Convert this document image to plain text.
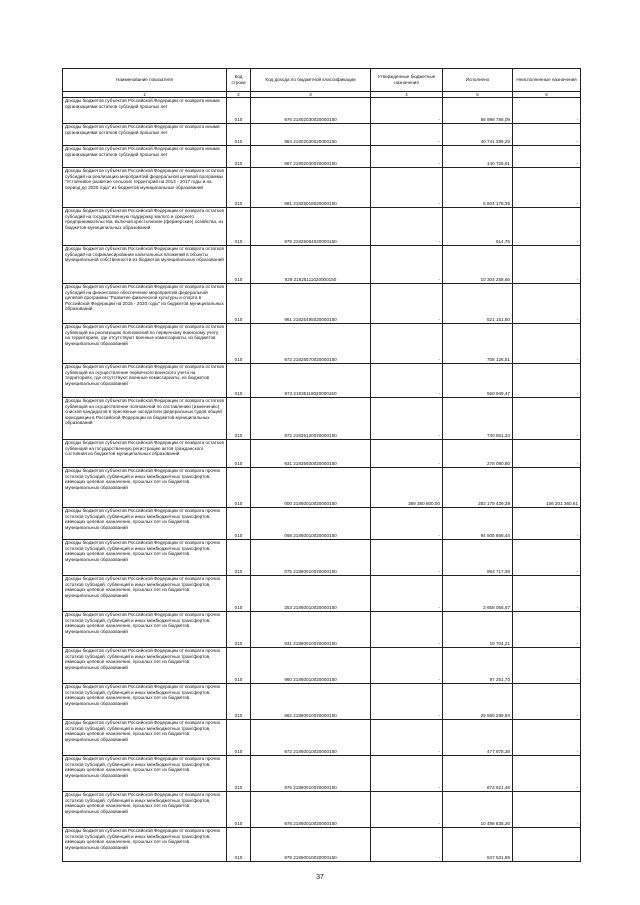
Наименование показателя	Код строки	Код дохода по бюджетной классификации	Утвержденные бюджетные назначения	Исполнено	Неисполненные назначения
1	2	3	4	5	6
Доходы бюджетов субъектов Российской Федерации от возврата иными организациями остатков субсидий прошлых лет	010	976 21802030020000150	-	68 998 786,09	-
Доходы бюджетов субъектов Российской Федерации от возврата иными организациями остатков субсидий прошлых лет	010	984 21802030020000150	-	40 741 399,29	-
Доходы бюджетов субъектов Российской Федерации от возврата иными организациями остатков субсидий прошлых лет	010	987 21802030020000150	-	140 725,91	-
Доходы бюджетов субъектов Российской Федерации от возврата остатков субсидий на реализацию мероприятий федеральной целевой программы "Устойчивое развитие сельских территорий на 2014 - 2017 годы и на период до 2020 года" из бюджетов муниципальных образований	010	981 21825018020000150	-	6 604 178,35	-
Доходы бюджетов субъектов Российской Федерации от возврата остатков субсидий на государственную поддержку малого и среднего предпринимательства, включая крестьянские (фермерские) хозяйства, из бюджетов муниципальных образований	010	979 21825064020000150	-	614,76	-
Доходы бюджетов субъектов Российской Федерации от возврата остатков субсидий на софинансирование капитальных вложений в объекты муниципальной собственности из бюджетов муниципальных образований	010	929 21825111020000150	-	10 304 258,66	-
Доходы бюджетов субъектов Российской Федерации от возврата остатков субсидий на финансовое обеспечение мероприятий федеральной целевой программы "Развитие физической культуры и спорта в Российской Федерации на 2016 - 2020 годы" из бюджетов муниципальных образований	010	961 21825495020000150	-	521 151,50	-
Доходы бюджетов субъектов Российской Федерации от возврата остатков субвенций на реализацию полномочий по первичному воинскому учету на территориях, где отсутствуют военные комиссариаты, из бюджетов муниципальных образований	010	972 21825570020000150	-	708 126,51	-
Доходы бюджетов субъектов Российской Федерации от возврата остатков субвенций на осуществление первичного воинского учета на территориях, где отсутствуют военные комиссариаты, из бюджетов муниципальных образований	010	972 21835118020000150	-	560 949,47	-
Доходы бюджетов субъектов Российской Федерации от возврата остатков субвенций на осуществление полномочий по составлению (изменению) списков кандидатов в присяжные заседатели федеральных судов общей юрисдикции в Российской Федерации из бюджетов муниципальных образований	010	972 21835120020000150	-	740 551,34	-
Доходы бюджетов субъектов Российской Федерации от возврата остатков субвенций на государственную регистрацию актов гражданского состояния из бюджетов муниципальных образований	010	931 21835930020000150	-	278 090,80	-
Доходы бюджетов субъектов Российской Федерации от возврата прочих остатков субсидий, субвенций и иных межбюджетных трансфертов, имеющих целевое назначение, прошлых лет из бюджетов муниципальных образований	010	000 21860010020000150	389 380 800,00	283 179 439,39	106 201 360,61
Доходы бюджетов субъектов Российской Федерации от возврата прочих остатков субсидий, субвенций и иных межбюджетных трансфертов, имеющих целевое назначение, прошлых лет из бюджетов муниципальных образований	010	068 21860010020000150	-	94 505 868,44	-
Доходы бюджетов субъектов Российской Федерации от возврата прочих остатков субсидий, субвенций и иных межбюджетных трансфертов, имеющих целевое назначение, прошлых лет из бюджетов муниципальных образований	010	075 21860010020000150	-	963 717,59	-
Доходы бюджетов субъектов Российской Федерации от возврата прочих остатков субсидий, субвенций и иных межбюджетных трансфертов, имеющих целевое назначение, прошлых лет из бюджетов муниципальных образований	010	253 21860010020000150	-	3 658 055,67	-
Доходы бюджетов субъектов Российской Федерации от возврата прочих остатков субсидий, субвенций и иных межбюджетных трансфертов, имеющих целевое назначение, прошлых лет из бюджетов муниципальных образований	010	931 21860010020000150	-	10 704,21	-
Доходы бюджетов субъектов Российской Федерации от возврата прочих остатков субсидий, субвенций и иных межбюджетных трансфертов, имеющих целевое назначение, прошлых лет из бюджетов муниципальных образований	010	960 21860010020000150	-	97 251,70	-
Доходы бюджетов субъектов Российской Федерации от возврата прочих остатков субсидий, субвенций и иных межбюджетных трансфертов, имеющих целевое назначение, прошлых лет из бюджетов муниципальных образований	010	962 21860010020000150	-	29 580 299,84	-
Доходы бюджетов субъектов Российской Федерации от возврата прочих остатков субсидий, субвенций и иных межбюджетных трансфертов, имеющих целевое назначение, прошлых лет из бюджетов муниципальных образований	010	972 21860010020000150	-	477 878,38	-
Доходы бюджетов субъектов Российской Федерации от возврата прочих остатков субсидий, субвенций и иных межбюджетных трансфертов, имеющих целевое назначение, прошлых лет из бюджетов муниципальных образований	010	976 21860010020000150	-	872 621,48	-
Доходы бюджетов субъектов Российской Федерации от возврата прочих остатков субсидий, субвенций и иных межбюджетных трансфертов, имеющих целевое назначение, прошлых лет из бюджетов муниципальных образований	010	978 21860010020000150	-	10 498 835,26	-
Доходы бюджетов субъектов Российской Федерации от возврата прочих остатков субсидий, субвенций и иных межбюджетных трансфертов, имеющих целевое назначение, прошлых лет из бюджетов муниципальных образований	010	979 21860010020000150	-	847 531,59	-
37
